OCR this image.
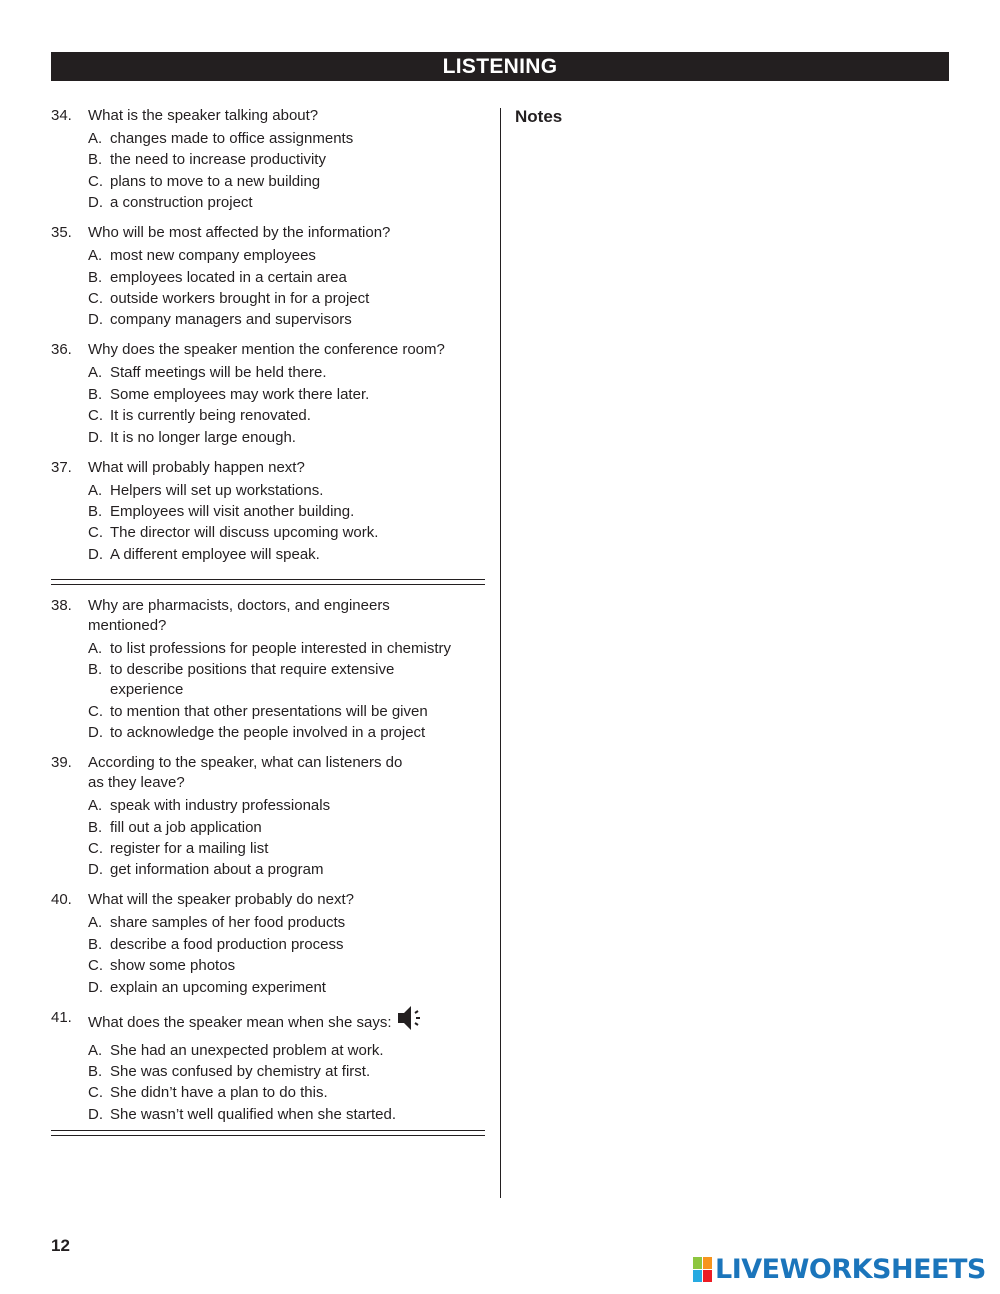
LISTENING
Notes
34.	What is the speaker talking about?
A. changes made to office assignments
B. the need to increase productivity
C. plans to move to a new building
D. a construction project
35.	Who will be most affected by the information?
A. most new company employees
B. employees located in a certain area
C. outside workers brought in for a project
D. company managers and supervisors
36.	Why does the speaker mention the conference room?
A. Staff meetings will be held there.
B. Some employees may work there later.
C. It is currently being renovated.
D. It is no longer large enough.
37.	What will probably happen next?
A. Helpers will set up workstations.
B. Employees will visit another building.
C. The director will discuss upcoming work.
D. A different employee will speak.
38.	Why are pharmacists, doctors, and engineers mentioned?
A. to list professions for people interested in chemistry
B. to describe positions that require extensive experience
C. to mention that other presentations will be given
D. to acknowledge the people involved in a project
39.	According to the speaker, what can listeners do as they leave?
A. speak with industry professionals
B. fill out a job application
C. register for a mailing list
D. get information about a program
40.	What will the speaker probably do next?
A. share samples of her food products
B. describe a food production process
C. show some photos
D. explain an upcoming experiment
41.	What does the speaker mean when she says:
A. She had an unexpected problem at work.
B. She was confused by chemistry at first.
C. She didn’t have a plan to do this.
D. She wasn’t well qualified when she started.
12
LIVEWORKSHEETS
